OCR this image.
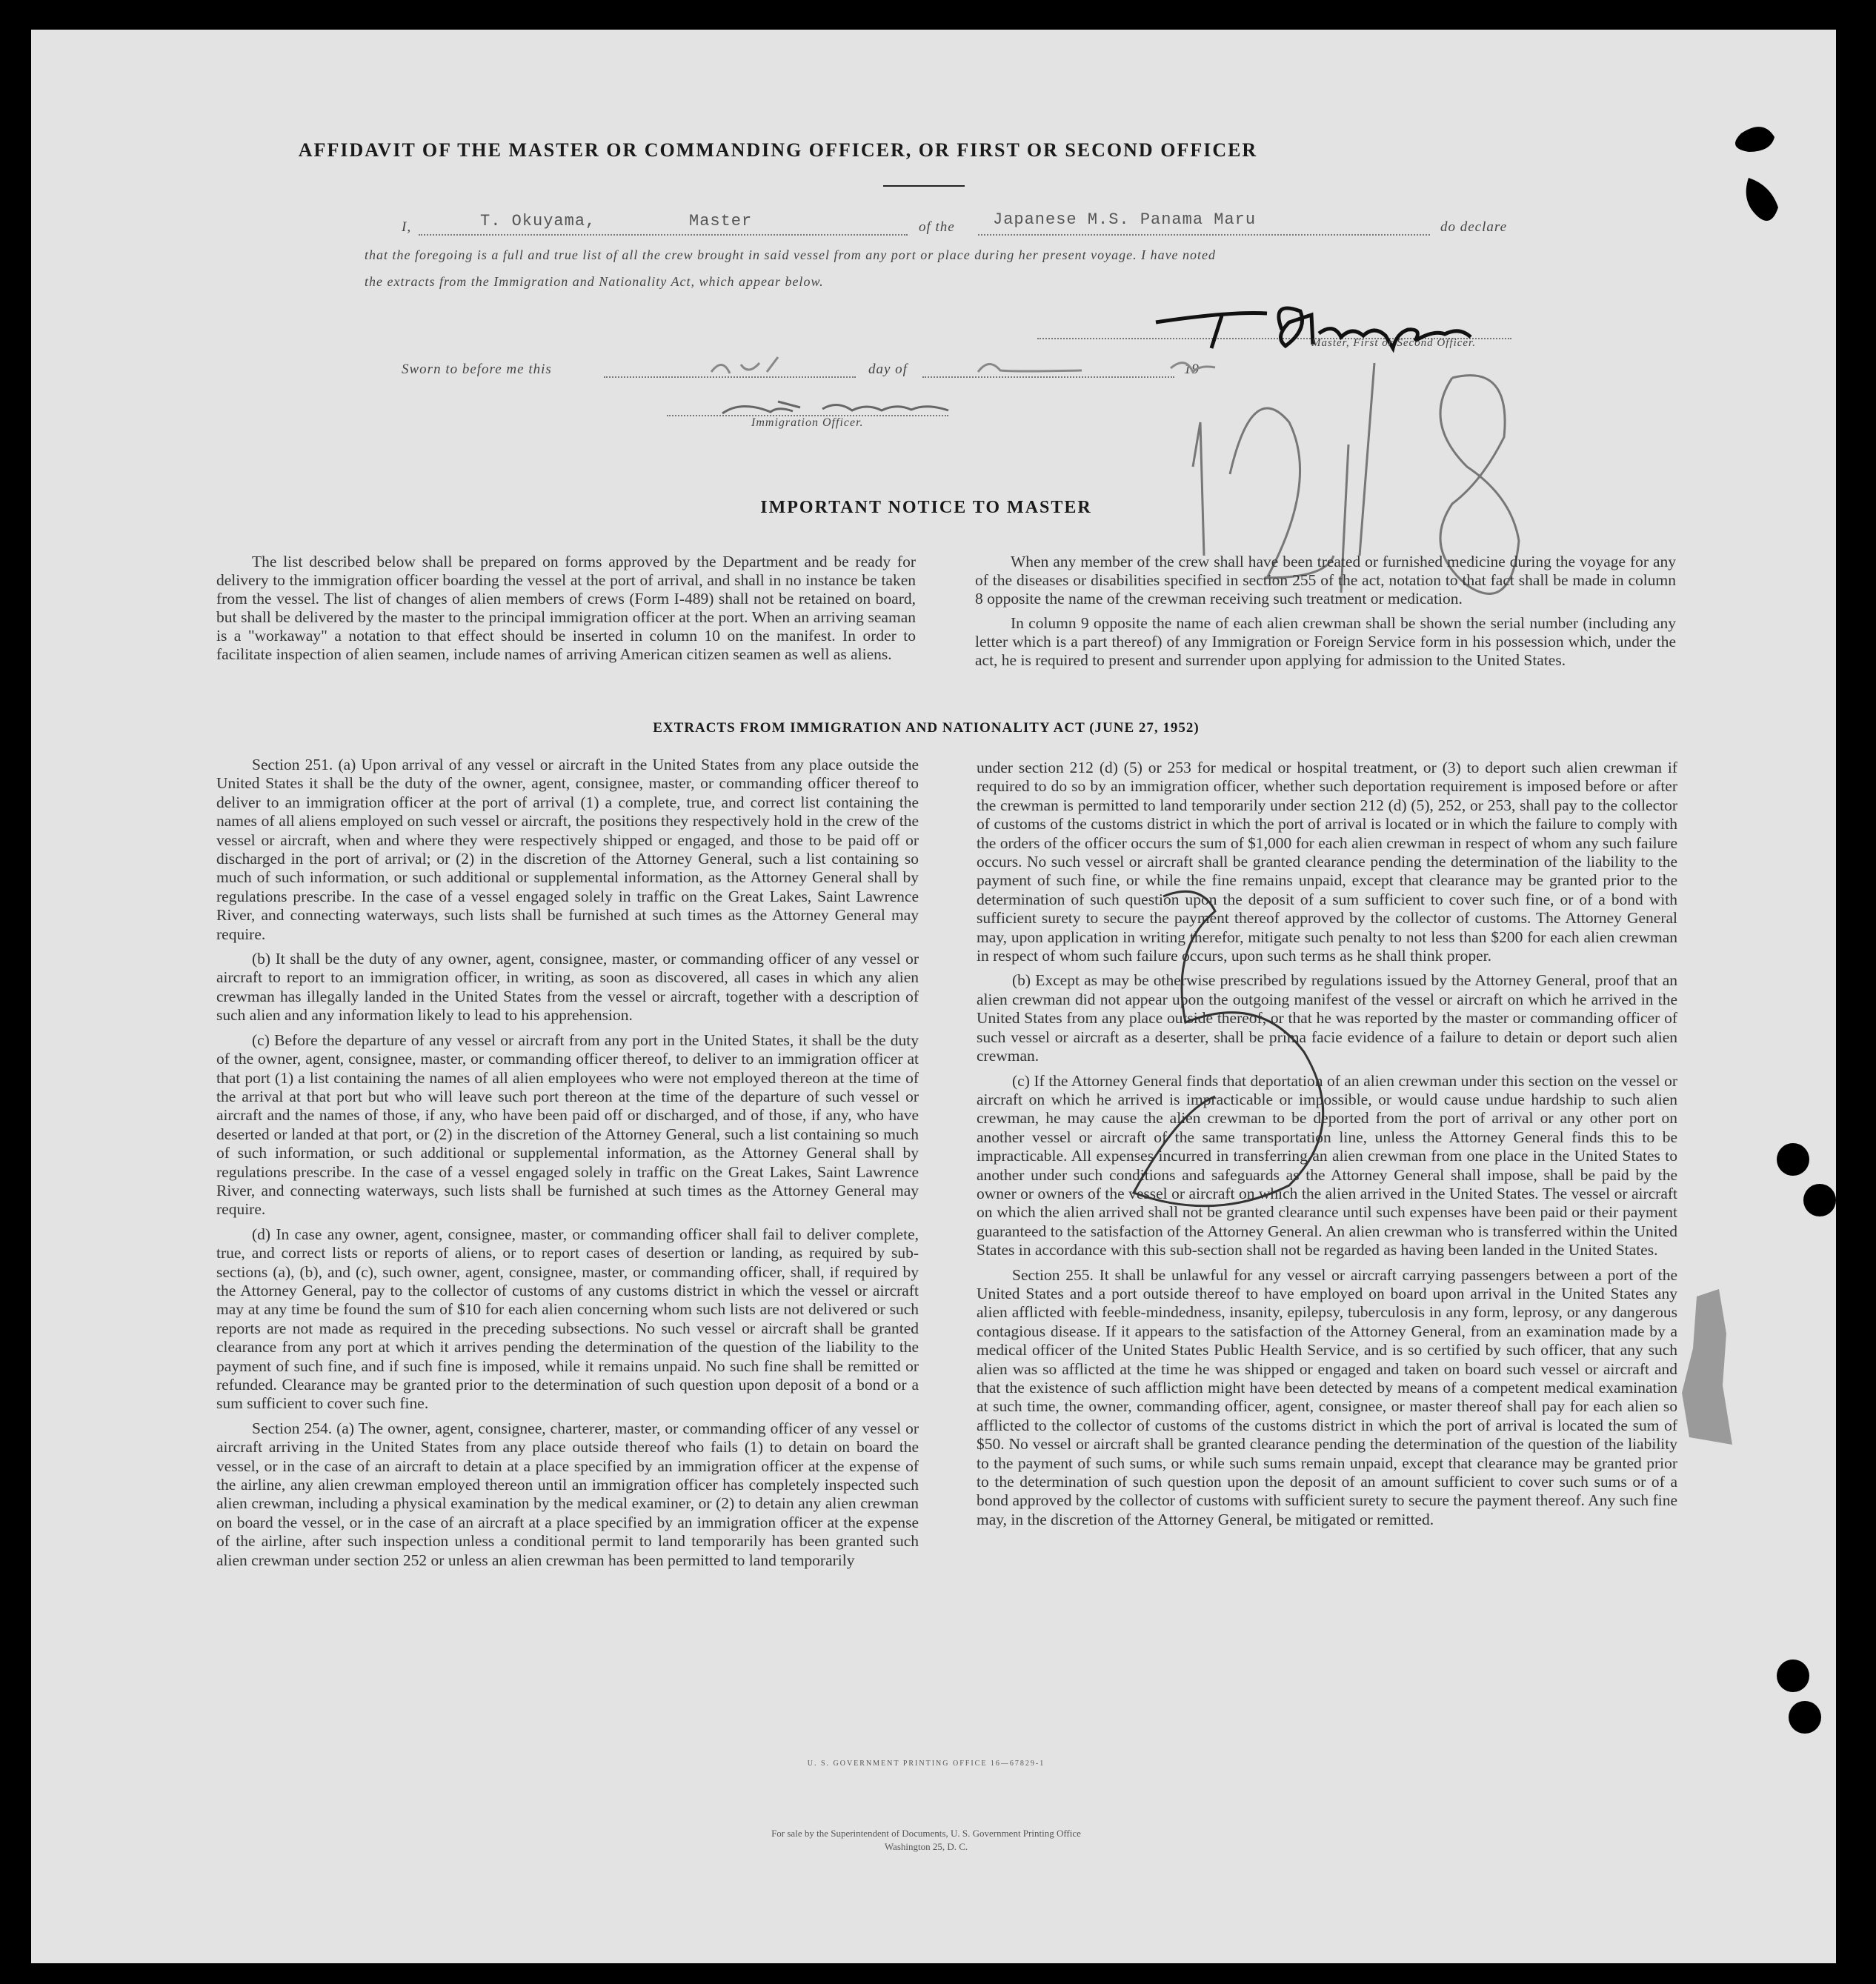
AFFIDAVIT OF THE MASTER OR COMMANDING OFFICER, OR FIRST OR SECOND OFFICER
I,	T. Okuyama,	Master	of the Japanese M.S. Panama Maru	do declare
that the foregoing is a full and true list of all the crew brought in said vessel from any port or place during her present voyage. I have noted
the extracts from the Immigration and Nationality Act, which appear below.
Master, First or Second Officer.
Sworn to before me this	day of	19
Immigration Officer.
IMPORTANT NOTICE TO MASTER

The list described below shall be prepared on forms approved by the Department and be ready for delivery to the immigration officer boarding the vessel at the port of arrival, and shall in no instance be taken from the vessel. The list of changes of alien members of crews (Form I-489) shall not be retained on board, but shall be delivered by the master to the principal immigration officer at the port. When an arriving seaman is a "workaway" a notation to that effect should be inserted in column 10 on the manifest. In order to facilitate inspection of alien seamen, include names of arriving American citizen seamen as well as aliens.

When any member of the crew shall have been treated or furnished medicine during the voyage for any of the diseases or disabilities specified in section 255 of the act, notation to that fact shall be made in column 8 opposite the name of the crewman receiving such treatment or medication.

In column 9 opposite the name of each alien crewman shall be shown the serial number (including any letter which is a part thereof) of any Immigration or Foreign Service form in his possession which, under the act, he is required to present and surrender upon applying for admission to the United States.

EXTRACTS FROM IMMIGRATION AND NATIONALITY ACT (JUNE 27, 1952)

Section 251. (a) Upon arrival of any vessel or aircraft in the United States from any place outside the United States it shall be the duty of the owner, agent, consignee, master, or commanding officer thereof to deliver to an immigration officer at the port of arrival (1) a complete, true, and correct list containing the names of all aliens employed on such vessel or aircraft, the positions they respectively hold in the crew of the vessel or aircraft, when and where they were respectively shipped or engaged, and those to be paid off or discharged in the port of arrival; or (2) in the discretion of the Attorney General, such a list containing so much of such information, or such additional or supplemental information, as the Attorney General shall by regulations prescribe. In the case of a vessel engaged solely in traffic on the Great Lakes, Saint Lawrence River, and connecting waterways, such lists shall be furnished at such times as the Attorney General may require.

(b) It shall be the duty of any owner, agent, consignee, master, or commanding officer of any vessel or aircraft to report to an immigration officer, in writing, as soon as discovered, all cases in which any alien crewman has illegally landed in the United States from the vessel or aircraft, together with a description of such alien and any information likely to lead to his apprehension.

(c) Before the departure of any vessel or aircraft from any port in the United States, it shall be the duty of the owner, agent, consignee, master, or commanding officer thereof, to deliver to an immigration officer at that port (1) a list containing the names of all alien employees who were not employed thereon at the time of the arrival at that port but who will leave such port thereon at the time of the departure of such vessel or aircraft and the names of those, if any, who have been paid off or discharged, and of those, if any, who have deserted or landed at that port, or (2) in the discretion of the Attorney General, such a list containing so much of such information, or such additional or supplemental information, as the Attorney General shall by regulations prescribe. In the case of a vessel engaged solely in traffic on the Great Lakes, Saint Lawrence River, and connecting waterways, such lists shall be furnished at such times as the Attorney General may require.

(d) In case any owner, agent, consignee, master, or commanding officer shall fail to deliver complete, true, and correct lists or reports of aliens, or to report cases of desertion or landing, as required by sub-sections (a), (b), and (c), such owner, agent, consignee, master, or commanding officer, shall, if required by the Attorney General, pay to the collector of customs of any customs district in which the vessel or aircraft may at any time be found the sum of $10 for each alien concerning whom such lists are not delivered or such reports are not made as required in the preceding subsections. No such vessel or aircraft shall be granted clearance from any port at which it arrives pending the determination of the question of the liability to the payment of such fine, and if such fine is imposed, while it remains unpaid. No such fine shall be remitted or refunded. Clearance may be granted prior to the determination of such question upon deposit of a bond or a sum sufficient to cover such fine.

Section 254. (a) The owner, agent, consignee, charterer, master, or commanding officer of any vessel or aircraft arriving in the United States from any place outside thereof who fails (1) to detain on board the vessel, or in the case of an aircraft to detain at a place specified by an immigration officer at the expense of the airline, any alien crewman employed thereon until an immigration officer has completely inspected such alien crewman, including a physical examination by the medical examiner, or (2) to detain any alien crewman on board the vessel, or in the case of an aircraft at a place specified by an immigration officer at the expense of the airline, after such inspection unless a conditional permit to land temporarily has been granted such alien crewman under section 252 or unless an alien crewman has been permitted to land temporarily

under section 212 (d) (5) or 253 for medical or hospital treatment, or (3) to deport such alien crewman if required to do so by an immigration officer, whether such deportation requirement is imposed before or after the crewman is permitted to land temporarily under section 212 (d) (5), 252, or 253, shall pay to the collector of customs of the customs district in which the port of arrival is located or in which the failure to comply with the orders of the officer occurs the sum of $1,000 for each alien crewman in respect of whom any such failure occurs. No such vessel or aircraft shall be granted clearance pending the determination of the liability to the payment of such fine, or while the fine remains unpaid, except that clearance may be granted prior to the determination of such question upon the deposit of a sum sufficient to cover such fine, or of a bond with sufficient surety to secure the payment thereof approved by the collector of customs. The Attorney General may, upon application in writing therefor, mitigate such penalty to not less than $200 for each alien crewman in respect of whom such failure occurs, upon such terms as he shall think proper.

(b) Except as may be otherwise prescribed by regulations issued by the Attorney General, proof that an alien crewman did not appear upon the outgoing manifest of the vessel or aircraft on which he arrived in the United States from any place outside thereof, or that he was reported by the master or commanding officer of such vessel or aircraft as a deserter, shall be prima facie evidence of a failure to detain or deport such alien crewman.

(c) If the Attorney General finds that deportation of an alien crewman under this section on the vessel or aircraft on which he arrived is impracticable or impossible, or would cause undue hardship to such alien crewman, he may cause the alien crewman to be deported from the port of arrival or any other port on another vessel or aircraft of the same transportation line, unless the Attorney General finds this to be impracticable. All expenses incurred in transferring an alien crewman from one place in the United States to another under such conditions and safeguards as the Attorney General shall impose, shall be paid by the owner or owners of the vessel or aircraft on which the alien arrived in the United States. The vessel or aircraft on which the alien arrived shall not be granted clearance until such expenses have been paid or their payment guaranteed to the satisfaction of the Attorney General. An alien crewman who is transferred within the United States in accordance with this sub-section shall not be regarded as having been landed in the United States.

Section 255. It shall be unlawful for any vessel or aircraft carrying passengers between a port of the United States and a port outside thereof to have employed on board upon arrival in the United States any alien afflicted with feeble-mindedness, insanity, epilepsy, tuberculosis in any form, leprosy, or any dangerous contagious disease. If it appears to the satisfaction of the Attorney General, from an examination made by a medical officer of the United States Public Health Service, and is so certified by such officer, that any such alien was so afflicted at the time he was shipped or engaged and taken on board such vessel or aircraft and that the existence of such affliction might have been detected by means of a competent medical examination at such time, the owner, commanding officer, agent, consignee, or master thereof shall pay for each alien so afflicted to the collector of customs of the customs district in which the port of arrival is located the sum of $50. No vessel or aircraft shall be granted clearance pending the determination of the question of the liability to the payment of such sums, or while such sums remain unpaid, except that clearance may be granted prior to the determination of such question upon the deposit of an amount sufficient to cover such sums or of a bond approved by the collector of customs with sufficient surety to secure the payment thereof. Any such fine may, in the discretion of the Attorney General, be mitigated or remitted.

U. S. GOVERNMENT PRINTING OFFICE 16—67829-1
For sale by the Superintendent of Documents, U. S. Government Printing Office
Washington 25, D. C.
